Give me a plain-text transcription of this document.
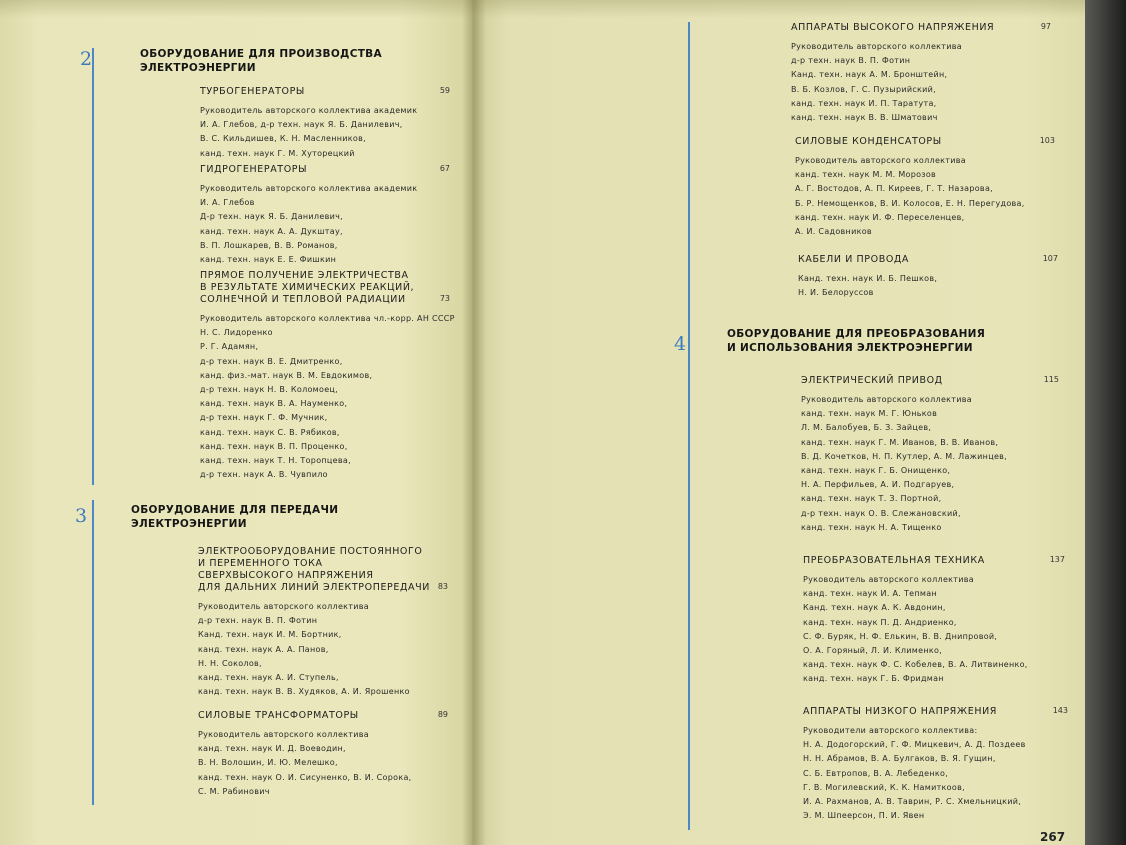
2	ОБОРУДОВАНИЕ ДЛЯ ПРОИЗВОДСТВА
ЭЛЕКТРОЭНЕРГИИ
ТУРБОГЕНЕРАТОРЫ	59
Руководитель авторского коллектива академик
И. А. Глебов, д-р техн. наук Я. Б. Данилевич,
В. С. Кильдишев, К. Н. Масленников,
канд. техн. наук Г. М. Хуторецкий
ГИДРОГЕНЕРАТОРЫ	67
Руководитель авторского коллектива академик
И. А. Глебов
Д-р техн. наук Я. Б. Данилевич,
канд. техн. наук А. А. Дукштау,
В. П. Лошкарев, В. В. Романов,
канд. техн. наук Е. Е. Фишкин
ПРЯМОЕ ПОЛУЧЕНИЕ ЭЛЕКТРИЧЕСТВА
В РЕЗУЛЬТАТЕ ХИМИЧЕСКИХ РЕАКЦИЙ,
СОЛНЕЧНОЙ И ТЕПЛОВОЙ РАДИАЦИИ	73
Руководитель авторского коллектива чл.-корр. АН СССР
Н. С. Лидоренко
Р. Г. Адамян,
д-р техн. наук В. Е. Дмитренко,
канд. физ.-мат. наук В. М. Евдокимов,
д-р техн. наук Н. В. Коломоец,
канд. техн. наук В. А. Науменко,
д-р техн. наук Г. Ф. Мучник,
канд. техн. наук С. В. Рябиков,
канд. техн. наук В. П. Проценко,
канд. техн. наук Т. Н. Торопцева,
д-р техн. наук А. В. Чувпило
3	ОБОРУДОВАНИЕ ДЛЯ ПЕРЕДАЧИ
ЭЛЕКТРОЭНЕРГИИ
ЭЛЕКТРООБОРУДОВАНИЕ ПОСТОЯННОГО
И ПЕРЕМЕННОГО ТОКА
СВЕРХВЫСОКОГО НАПРЯЖЕНИЯ
ДЛЯ ДАЛЬНИХ ЛИНИЙ ЭЛЕКТРОПЕРЕДАЧИ 83
Руководитель авторского коллектива
д-р техн. наук В. П. Фотин
Канд. техн. наук И. М. Бортник,
канд. техн. наук А. А. Панов,
Н. Н. Соколов,
канд. техн. наук А. И. Ступель,
канд. техн. наук В. В. Худяков, А. И. Ярошенко
СИЛОВЫЕ ТРАНСФОРМАТОРЫ	89
Руководитель авторского коллектива
канд. техн. наук И. Д. Воеводин,
В. Н. Волошин, И. Ю. Мелешко,
канд. техн. наук О. И. Сисуненко, В. И. Сорока,
С. М. Рабинович
АППАРАТЫ ВЫСОКОГО НАПРЯЖЕНИЯ	97
Руководитель авторского коллектива
д-р техн. наук В. П. Фотин
Канд. техн. наук А. М. Бронштейн,
В. Б. Козлов, Г. С. Пузырийский,
канд. техн. наук И. П. Таратута,
канд. техн. наук В. В. Шматович
СИЛОВЫЕ КОНДЕНСАТОРЫ	103
Руководитель авторского коллектива
канд. техн. наук М. М. Морозов
А. Г. Востодов, А. П. Киреев, Г. Т. Назарова,
Б. Р. Немощенков, В. И. Колосов, Е. Н. Перегудова,
канд. техн. наук И. Ф. Переселенцев,
А. И. Садовников
КАБЕЛИ И ПРОВОДА	107
Канд. техн. наук И. Б. Пешков,
Н. И. Белоруссов
4	ОБОРУДОВАНИЕ ДЛЯ ПРЕОБРАЗОВАНИЯ
И ИСПОЛЬЗОВАНИЯ ЭЛЕКТРОЭНЕРГИИ
ЭЛЕКТРИЧЕСКИЙ ПРИВОД	115
Руководитель авторского коллектива
канд. техн. наук М. Г. Юньков
Л. М. Балобуев, Б. З. Зайцев,
канд. техн. наук Г. М. Иванов, В. В. Иванов,
В. Д. Кочетков, Н. П. Кутлер, А. М. Лажинцев,
канд. техн. наук Г. Б. Онищенко,
Н. А. Перфильев, А. И. Подгаруев,
канд. техн. наук Т. З. Портной,
д-р техн. наук О. В. Слежановский,
канд. техн. наук Н. А. Тищенко
ПРЕОБРАЗОВАТЕЛЬНАЯ ТЕХНИКА	137
Руководитель авторского коллектива
канд. техн. наук И. А. Тепман
Канд. техн. наук А. К. Авдонин,
канд. техн. наук П. Д. Андриенко,
С. Ф. Буряк, Н. Ф. Елькин, В. В. Днипровой,
О. А. Горяный, Л. И. Клименко,
канд. техн. наук Ф. С. Кобелев, В. А. Литвиненко,
канд. техн. наук Г. Б. Фридман
АППАРАТЫ НИЗКОГО НАПРЯЖЕНИЯ	143
Руководители авторского коллектива:
Н. А. Додогорский, Г. Ф. Мицкевич, А. Д. Поздеев
Н. Н. Абрамов, В. А. Булгаков, В. Я. Гущин,
С. Б. Евтропов, В. А. Лебеденко,
Г. В. Могилевский, К. К. Намиткоов,
И. А. Рахманов, А. В. Таврин, Р. С. Хмельницкий,
Э. М. Шпеерсон, П. И. Явен
267
